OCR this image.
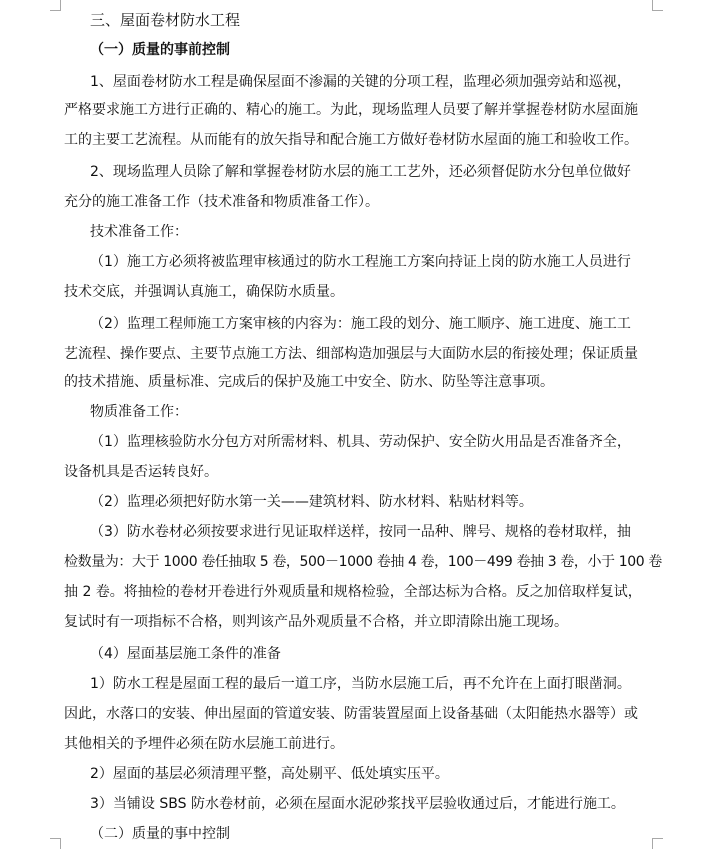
三、屋面卷材防水工程
（一）质量的事前控制
1、屋面卷材防水工程是确保屋面不渗漏的关键的分项工程，监理必须加强旁站和巡视，
严格要求施工方进行正确的、精心的施工。为此，现场监理人员要了解并掌握卷材防水屋面施
工的主要工艺流程。从而能有的放矢指导和配合施工方做好卷材防水屋面的施工和验收工作。
2、现场监理人员除了解和掌握卷材防水层的施工工艺外，还必须督促防水分包单位做好
充分的施工准备工作（技术准备和物质准备工作）。
技术准备工作：
（1）施工方必须将被监理审核通过的防水工程施工方案向持证上岗的防水施工人员进行
技术交底，并强调认真施工，确保防水质量。
（2）监理工程师施工方案审核的内容为：施工段的划分、施工顺序、施工进度、施工工
艺流程、操作要点、主要节点施工方法、细部构造加强层与大面防水层的衔接处理；保证质量
的技术措施、质量标准、完成后的保护及施工中安全、防水、防坠等注意事项。
物质准备工作：
（1）监理核验防水分包方对所需材料、机具、劳动保护、安全防火用品是否准备齐全，
设备机具是否运转良好。
（2）监理必须把好防水第一关——建筑材料、防水材料、粘贴材料等。
（3）防水卷材必须按要求进行见证取样送样，按同一品种、牌号、规格的卷材取样，抽
检数量为：大于 1000 卷任抽取 5 卷，500－1000 卷抽 4 卷，100－499 卷抽 3 卷，小于 100 卷
抽 2 卷。将抽检的卷材开卷进行外观质量和规格检验，全部达标为合格。反之加倍取样复试，
复试时有一项指标不合格，则判该产品外观质量不合格，并立即清除出施工现场。
（4）屋面基层施工条件的准备
1）防水工程是屋面工程的最后一道工序，当防水层施工后，再不允许在上面打眼凿洞。
因此，水落口的安装、伸出屋面的管道安装、防雷装置屋面上设备基础（太阳能热水器等）或
其他相关的予埋件必须在防水层施工前进行。
2）屋面的基层必须清理平整，高处剔平、低处填实压平。
3）当铺设 SBS 防水卷材前，必须在屋面水泥砂浆找平层验收通过后，才能进行施工。
（二）质量的事中控制
